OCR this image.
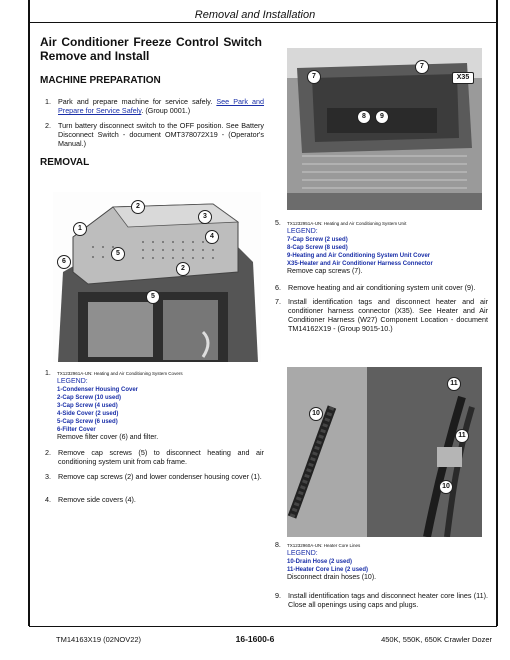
Removal and Installation
Air Conditioner Freeze Control Switch Remove and Install
MACHINE PREPARATION
1. Park and prepare machine for service safely. See Park and Prepare for Service Safely. (Group 0001.)
2. Turn battery disconnect switch to the OFF position. See Battery Disconnect Switch - document OMT378072X19 - (Operator's Manual.)
REMOVAL
1
2
3
4
5
6
2
5
1. TX1232961A-UN: Heating and Air Conditioning System Covers
LEGEND:
1-Condenser Housing Cover
2-Cap Screw (10 used)
3-Cap Screw (4 used)
4-Side Cover (2 used)
5-Cap Screw (6 used)
6-Filter Cover
Remove filter cover (6) and filter.
2. Remove cap screws (5) to disconnect heating and air conditioning system unit from cab frame.
3. Remove cap screws (2) and lower condenser housing cover (1).
4. Remove side covers (4).
7
7
X35
8	9
5. TX1232951A-UN: Heating and Air Conditioning System Unit
LEGEND:
7-Cap Screw (2 used)
8-Cap Screw (8 used)
9-Heating and Air Conditioning System Unit Cover
X35-Heater and Air Conditioner Harness Connector
Remove cap screws (7).
6. Remove heating and air conditioning system unit cover (9).
7. Install identification tags and disconnect heater and air conditioner harness connector (X35). See Heater and Air Conditioner Harness (W27) Component Location - document TM14162X19 - (Group 9015-10.)
11
10
11
10
8. TX1232960A-UN: Heater Core Lines
LEGEND:
10-Drain Hose (2 used)
11-Heater Core Line (2 used)
Disconnect drain hoses (10).
9. Install identification tags and disconnect heater core lines (11). Close all openings using caps and plugs.
TM14163X19 (02NOV22)	16-1600-6	450K, 550K, 650K Crawler Dozer
